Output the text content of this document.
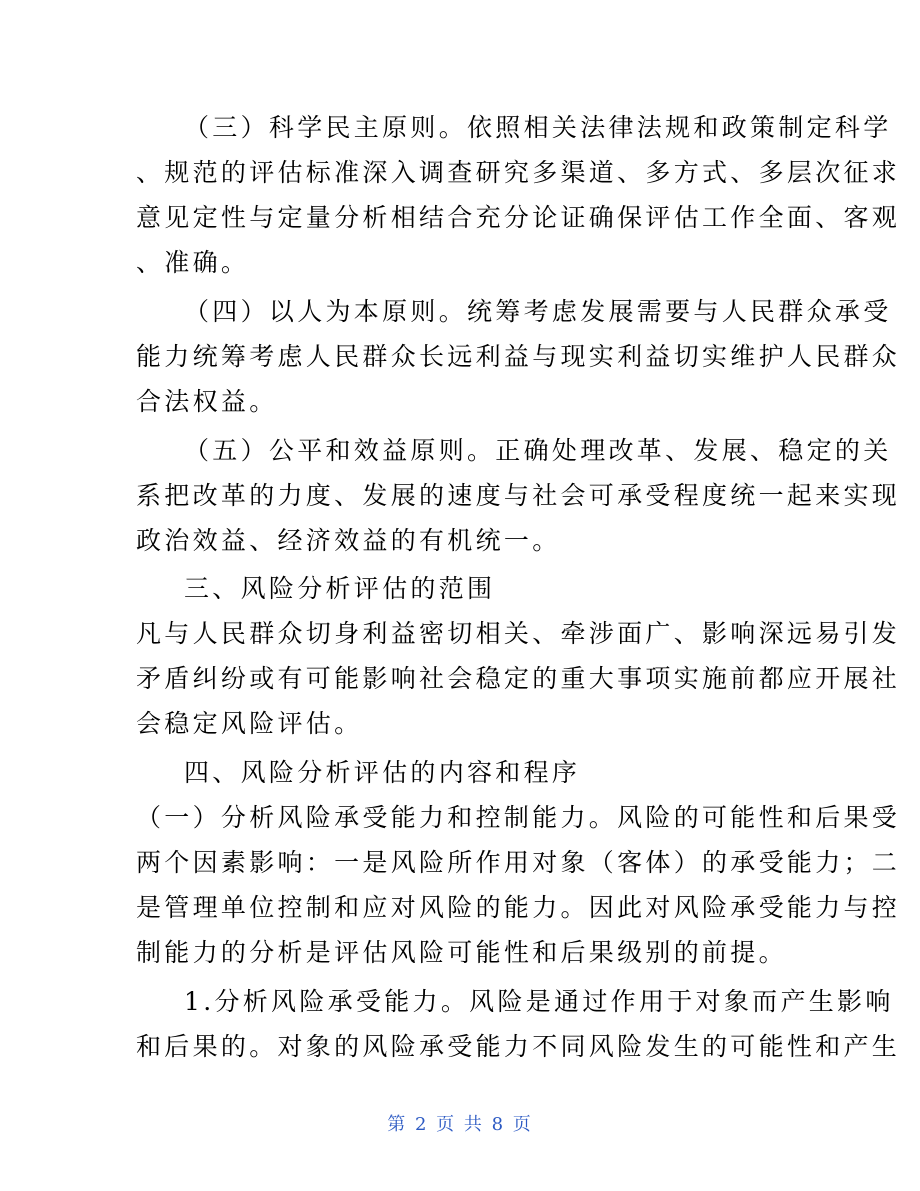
（三）科学民主原则。依照相关法律法规和政策制定科学
、规范的评估标准深入调查研究多渠道、多方式、多层次征求
意见定性与定量分析相结合充分论证确保评估工作全面、客观
、准确。
（四）以人为本原则。统筹考虑发展需要与人民群众承受
能力统筹考虑人民群众长远利益与现实利益切实维护人民群众
合法权益。
（五）公平和效益原则。正确处理改革、发展、稳定的关
系把改革的力度、发展的速度与社会可承受程度统一起来实现
政治效益、经济效益的有机统一。
三、风险分析评估的范围
凡与人民群众切身利益密切相关、牵涉面广、影响深远易引发
矛盾纠纷或有可能影响社会稳定的重大事项实施前都应开展社
会稳定风险评估。
四、风险分析评估的内容和程序
（一）分析风险承受能力和控制能力。风险的可能性和后果受
两个因素影响：一是风险所作用对象（客体）的承受能力；二
是管理单位控制和应对风险的能力。因此对风险承受能力与控
制能力的分析是评估风险可能性和后果级别的前提。
1.分析风险承受能力。风险是通过作用于对象而产生影响
和后果的。对象的风险承受能力不同风险发生的可能性和产生
第 2 页 共 8 页
